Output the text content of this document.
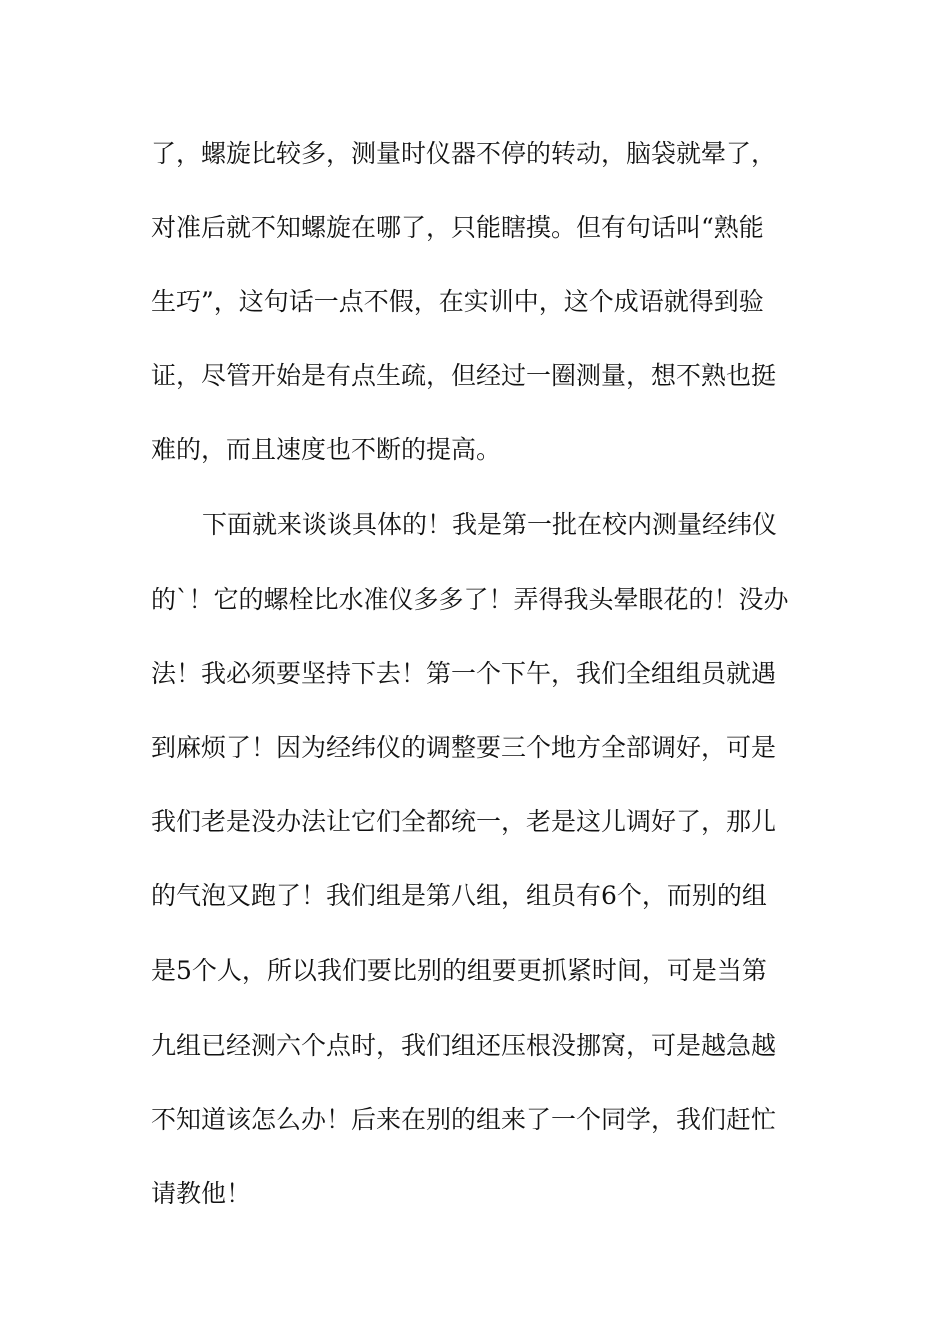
了，螺旋比较多，测量时仪器不停的转动，脑袋就晕了，
对准后就不知螺旋在哪了，只能瞎摸。但有句话叫“熟能
生巧”，这句话一点不假，在实训中，这个成语就得到验
证，尽管开始是有点生疏，但经过一圈测量，想不熟也挺
难的，而且速度也不断的提高。
下面就来谈谈具体的！我是第一批在校内测量经纬仪
的`！它的螺栓比水准仪多多了！弄得我头晕眼花的！没办
法！我必须要坚持下去！第一个下午，我们全组组员就遇
到麻烦了！因为经纬仪的调整要三个地方全部调好，可是
我们老是没办法让它们全都统一，老是这儿调好了，那儿
的气泡又跑了！我们组是第八组，组员有6个，而别的组
是5个人，所以我们要比别的组要更抓紧时间，可是当第
九组已经测六个点时，我们组还压根没挪窝，可是越急越
不知道该怎么办！后来在别的组来了一个同学，我们赶忙
请教他！
